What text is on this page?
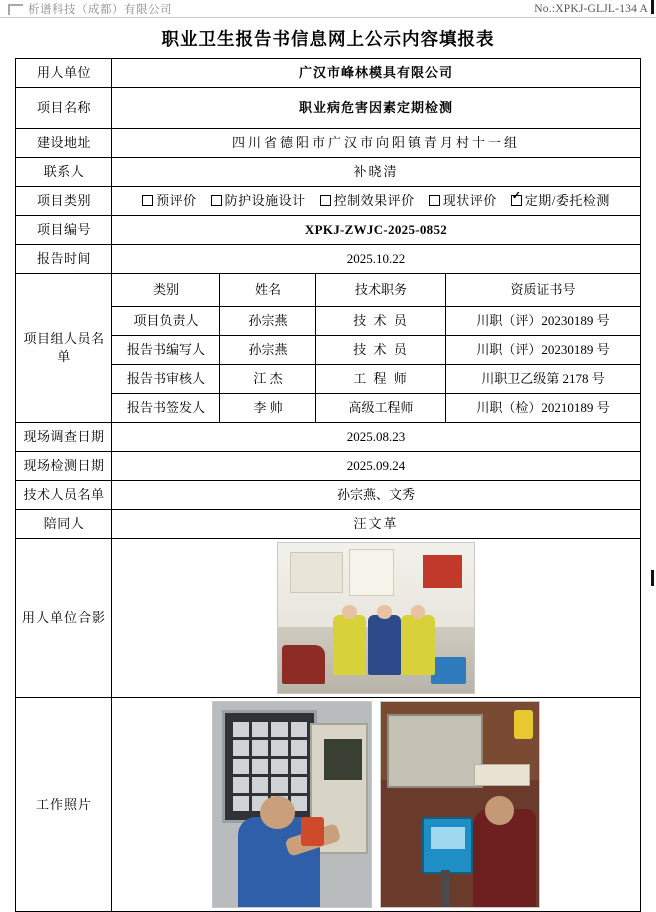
析谱科技（成都）有限公司	No.:XPKJ-GLJL-134 A
职业卫生报告书信息网上公示内容填报表
用人单位	广汉市峰林模具有限公司			
项目名称	职业病危害因素定期检测			
建设地址	四川省德阳市广汉市向阳镇青月村十一组			
联系人	补晓清			
项目类别	预评价 防护设施设计 控制效果评价 现状评价 ✓ 定期/委托检测
项目编号	XPKJ-ZWJC-2025-0852			
报告时间	2025.10.22			
项目组人员名单	类别	姓名	技术职务	资质证书号
	项目负责人	孙宗燕	技 术 员	川职（评）20230189 号
	报告书编写人	孙宗燕	技 术 员	川职（评）20230189 号
	报告书审核人	江 杰	工 程 师	川职卫乙级第 2178 号
	报告书签发人	李 帅	高级工程师	川职（检）20210189 号
现场调查日期	2025.08.23			
现场检测日期	2025.09.24			
技术人员名单	孙宗燕、文秀			
陪同人	汪文革			
用人单位合影				

工作照片				
